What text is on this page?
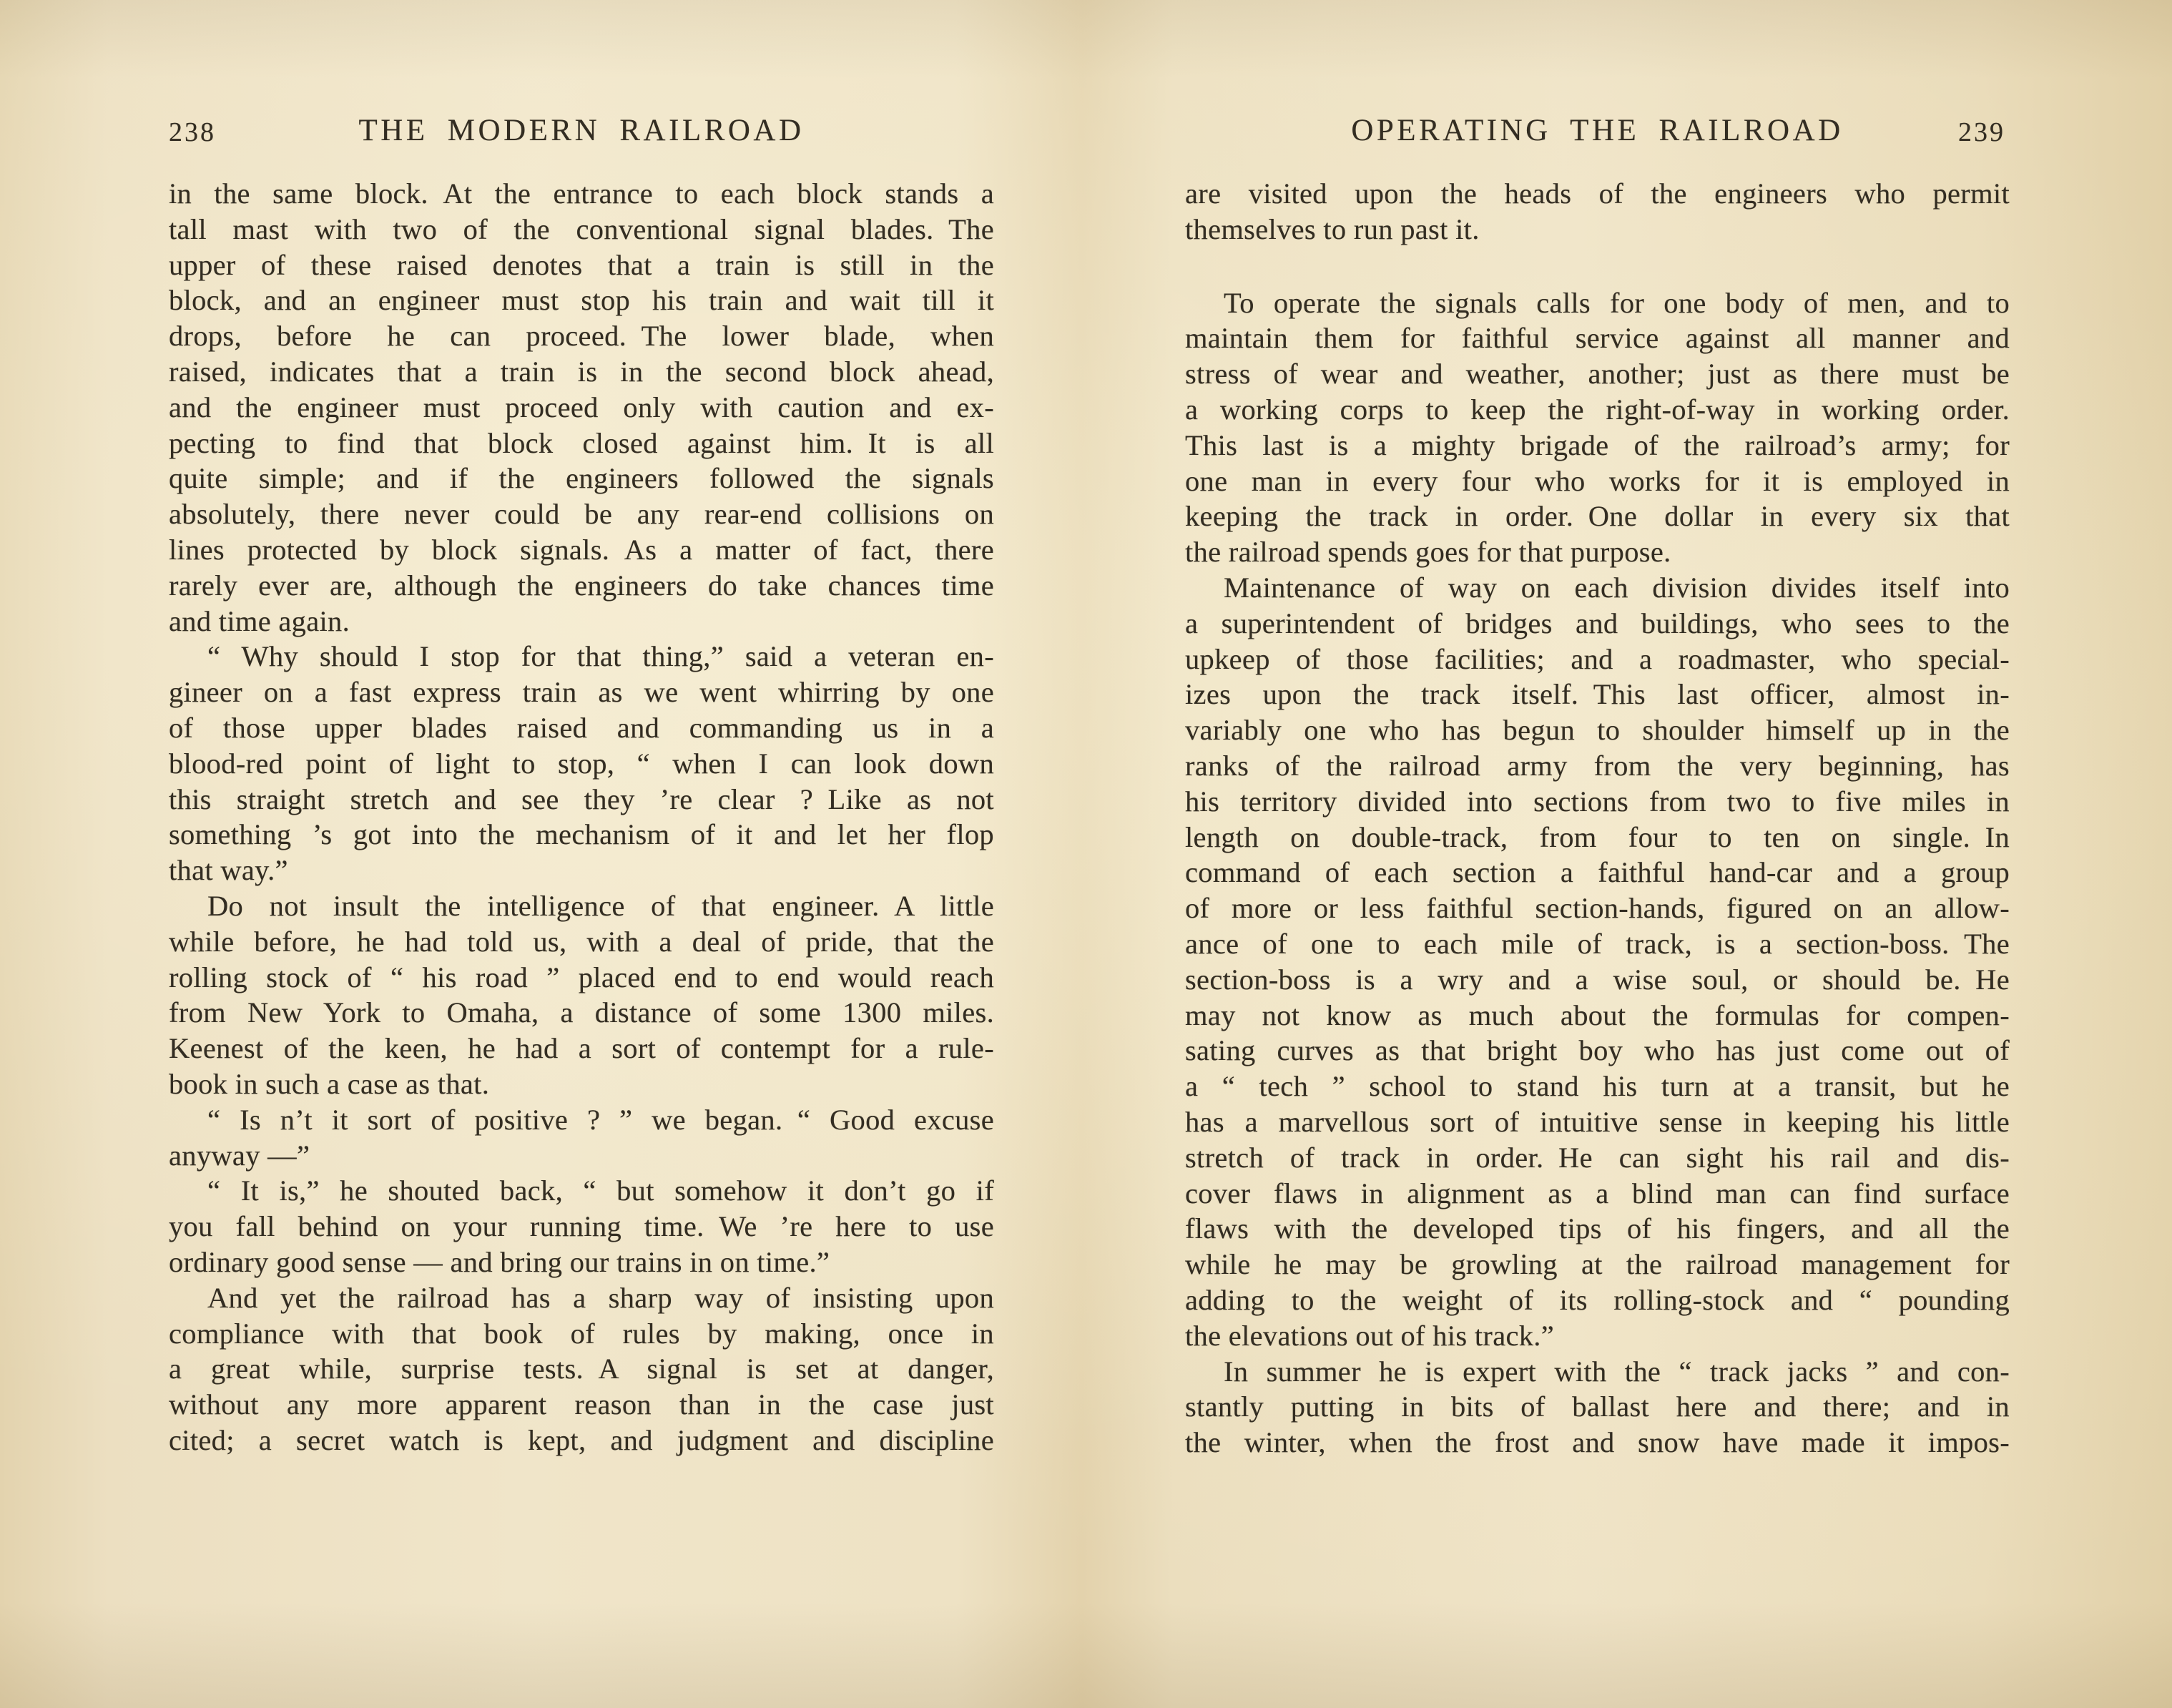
238	THE MODERN RAILROAD
in the same block. At the entrance to each block stands a
tall mast with two of the conventional signal blades. The
upper of these raised denotes that a train is still in the
block, and an engineer must stop his train and wait till it
drops, before he can proceed. The lower blade, when
raised, indicates that a train is in the second block ahead,
and the engineer must proceed only with caution and ex-
pecting to find that block closed against him. It is all
quite simple; and if the engineers followed the signals
absolutely, there never could be any rear-end collisions on
lines protected by block signals. As a matter of fact, there
rarely ever are, although the engineers do take chances time
and time again.
“ Why should I stop for that thing,” said a veteran en-
gineer on a fast express train as we went whirring by one
of those upper blades raised and commanding us in a
blood-red point of light to stop, “ when I can look down
this straight stretch and see they ’re clear ? Like as not
something ’s got into the mechanism of it and let her flop
that way.”
Do not insult the intelligence of that engineer. A little
while before, he had told us, with a deal of pride, that the
rolling stock of “ his road ” placed end to end would reach
from New York to Omaha, a distance of some 1300 miles.
Keenest of the keen, he had a sort of contempt for a rule-
book in such a case as that.
“ Is n’t it sort of positive ? ” we began. “ Good excuse
anyway —”
“ It is,” he shouted back, “ but somehow it don’t go if
you fall behind on your running time. We ’re here to use
ordinary good sense — and bring our trains in on time.”
And yet the railroad has a sharp way of insisting upon
compliance with that book of rules by making, once in
a great while, surprise tests. A signal is set at danger,
without any more apparent reason than in the case just
cited; a secret watch is kept, and judgment and discipline
OPERATING THE RAILROAD	239
are visited upon the heads of the engineers who permit
themselves to run past it.
To operate the signals calls for one body of men, and to
maintain them for faithful service against all manner and
stress of wear and weather, another; just as there must be
a working corps to keep the right-of-way in working order.
This last is a mighty brigade of the railroad’s army; for
one man in every four who works for it is employed in
keeping the track in order. One dollar in every six that
the railroad spends goes for that purpose.
Maintenance of way on each division divides itself into
a superintendent of bridges and buildings, who sees to the
upkeep of those facilities; and a roadmaster, who special-
izes upon the track itself. This last officer, almost in-
variably one who has begun to shoulder himself up in the
ranks of the railroad army from the very beginning, has
his territory divided into sections from two to five miles in
length on double-track, from four to ten on single. In
command of each section a faithful hand-car and a group
of more or less faithful section-hands, figured on an allow-
ance of one to each mile of track, is a section-boss. The
section-boss is a wry and a wise soul, or should be. He
may not know as much about the formulas for compen-
sating curves as that bright boy who has just come out of
a “ tech ” school to stand his turn at a transit, but he
has a marvellous sort of intuitive sense in keeping his little
stretch of track in order. He can sight his rail and dis-
cover flaws in alignment as a blind man can find surface
flaws with the developed tips of his fingers, and all the
while he may be growling at the railroad management for
adding to the weight of its rolling-stock and “ pounding
the elevations out of his track.”
In summer he is expert with the “ track jacks ” and con-
stantly putting in bits of ballast here and there; and in
the winter, when the frost and snow have made it impos-
